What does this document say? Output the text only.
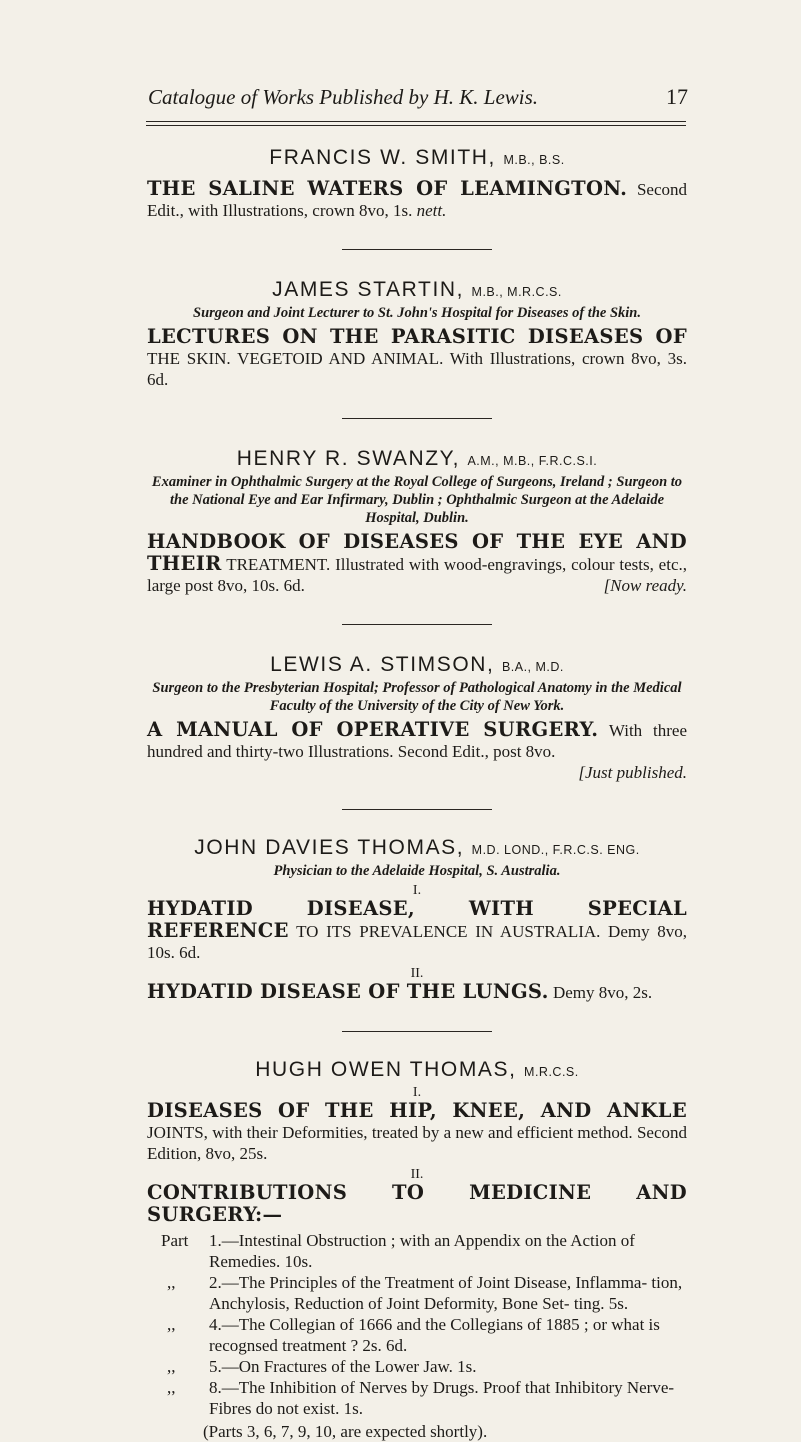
Catalogue of Works Published by H. K. Lewis.	17

FRANCIS W. SMITH, M.B., B.S.

THE SALINE WATERS OF LEAMINGTON. Second Edit., with Illustrations, crown 8vo, 1s. nett.

JAMES STARTIN, M.B., M.R.C.S.

Surgeon and Joint Lecturer to St. John's Hospital for Diseases of the Skin.

LECTURES ON THE PARASITIC DISEASES OF THE SKIN. VEGETOID AND ANIMAL. With Illustrations, crown 8vo, 3s. 6d.

HENRY R. SWANZY, A.M., M.B., F.R.C.S.I.

Examiner in Ophthalmic Surgery at the Royal College of Surgeons, Ireland ; Surgeon to the National Eye and Ear Infirmary, Dublin ; Ophthalmic Surgeon at the Adelaide Hospital, Dublin.

HANDBOOK OF DISEASES OF THE EYE AND THEIR TREATMENT. Illustrated with wood-engravings, colour tests, etc., large post 8vo, 10s. 6d.	[Now ready.

LEWIS A. STIMSON, B.A., M.D.

Surgeon to the Presbyterian Hospital; Professor of Pathological Anatomy in the Medical Faculty of the University of the City of New York.

A MANUAL OF OPERATIVE SURGERY. With three hundred and thirty-two Illustrations. Second Edit., post 8vo.

[Just published.

JOHN DAVIES THOMAS, M.D. LOND., F.R.C.S. ENG.

Physician to the Adelaide Hospital, S. Australia.

I.

HYDATID DISEASE, WITH SPECIAL REFERENCE TO ITS PREVALENCE IN AUSTRALIA. Demy 8vo, 10s. 6d.

II.

HYDATID DISEASE OF THE LUNGS. Demy 8vo, 2s.

HUGH OWEN THOMAS, M.R.C.S.

I.

DISEASES OF THE HIP, KNEE, AND ANKLE JOINTS, with their Deformities, treated by a new and efficient method. Second Edition, 8vo, 25s.

II.

CONTRIBUTIONS TO MEDICINE AND SURGERY:—

Part	1.—Intestinal Obstruction ; with an Appendix on the Action of Remedies. 10s.
,,	2.—The Principles of the Treatment of Joint Disease, Inflamma- tion, Anchylosis, Reduction of Joint Deformity, Bone Set- ting. 5s.
,,	4.—The Collegian of 1666 and the Collegians of 1885 ; or what is recognsed treatment ? 2s. 6d.
,,	5.—On Fractures of the Lower Jaw. 1s.
,,	8.—The Inhibition of Nerves by Drugs. Proof that Inhibitory Nerve-Fibres do not exist. 1s.

(Parts 3, 6, 7, 9, 10, are expected shortly).
